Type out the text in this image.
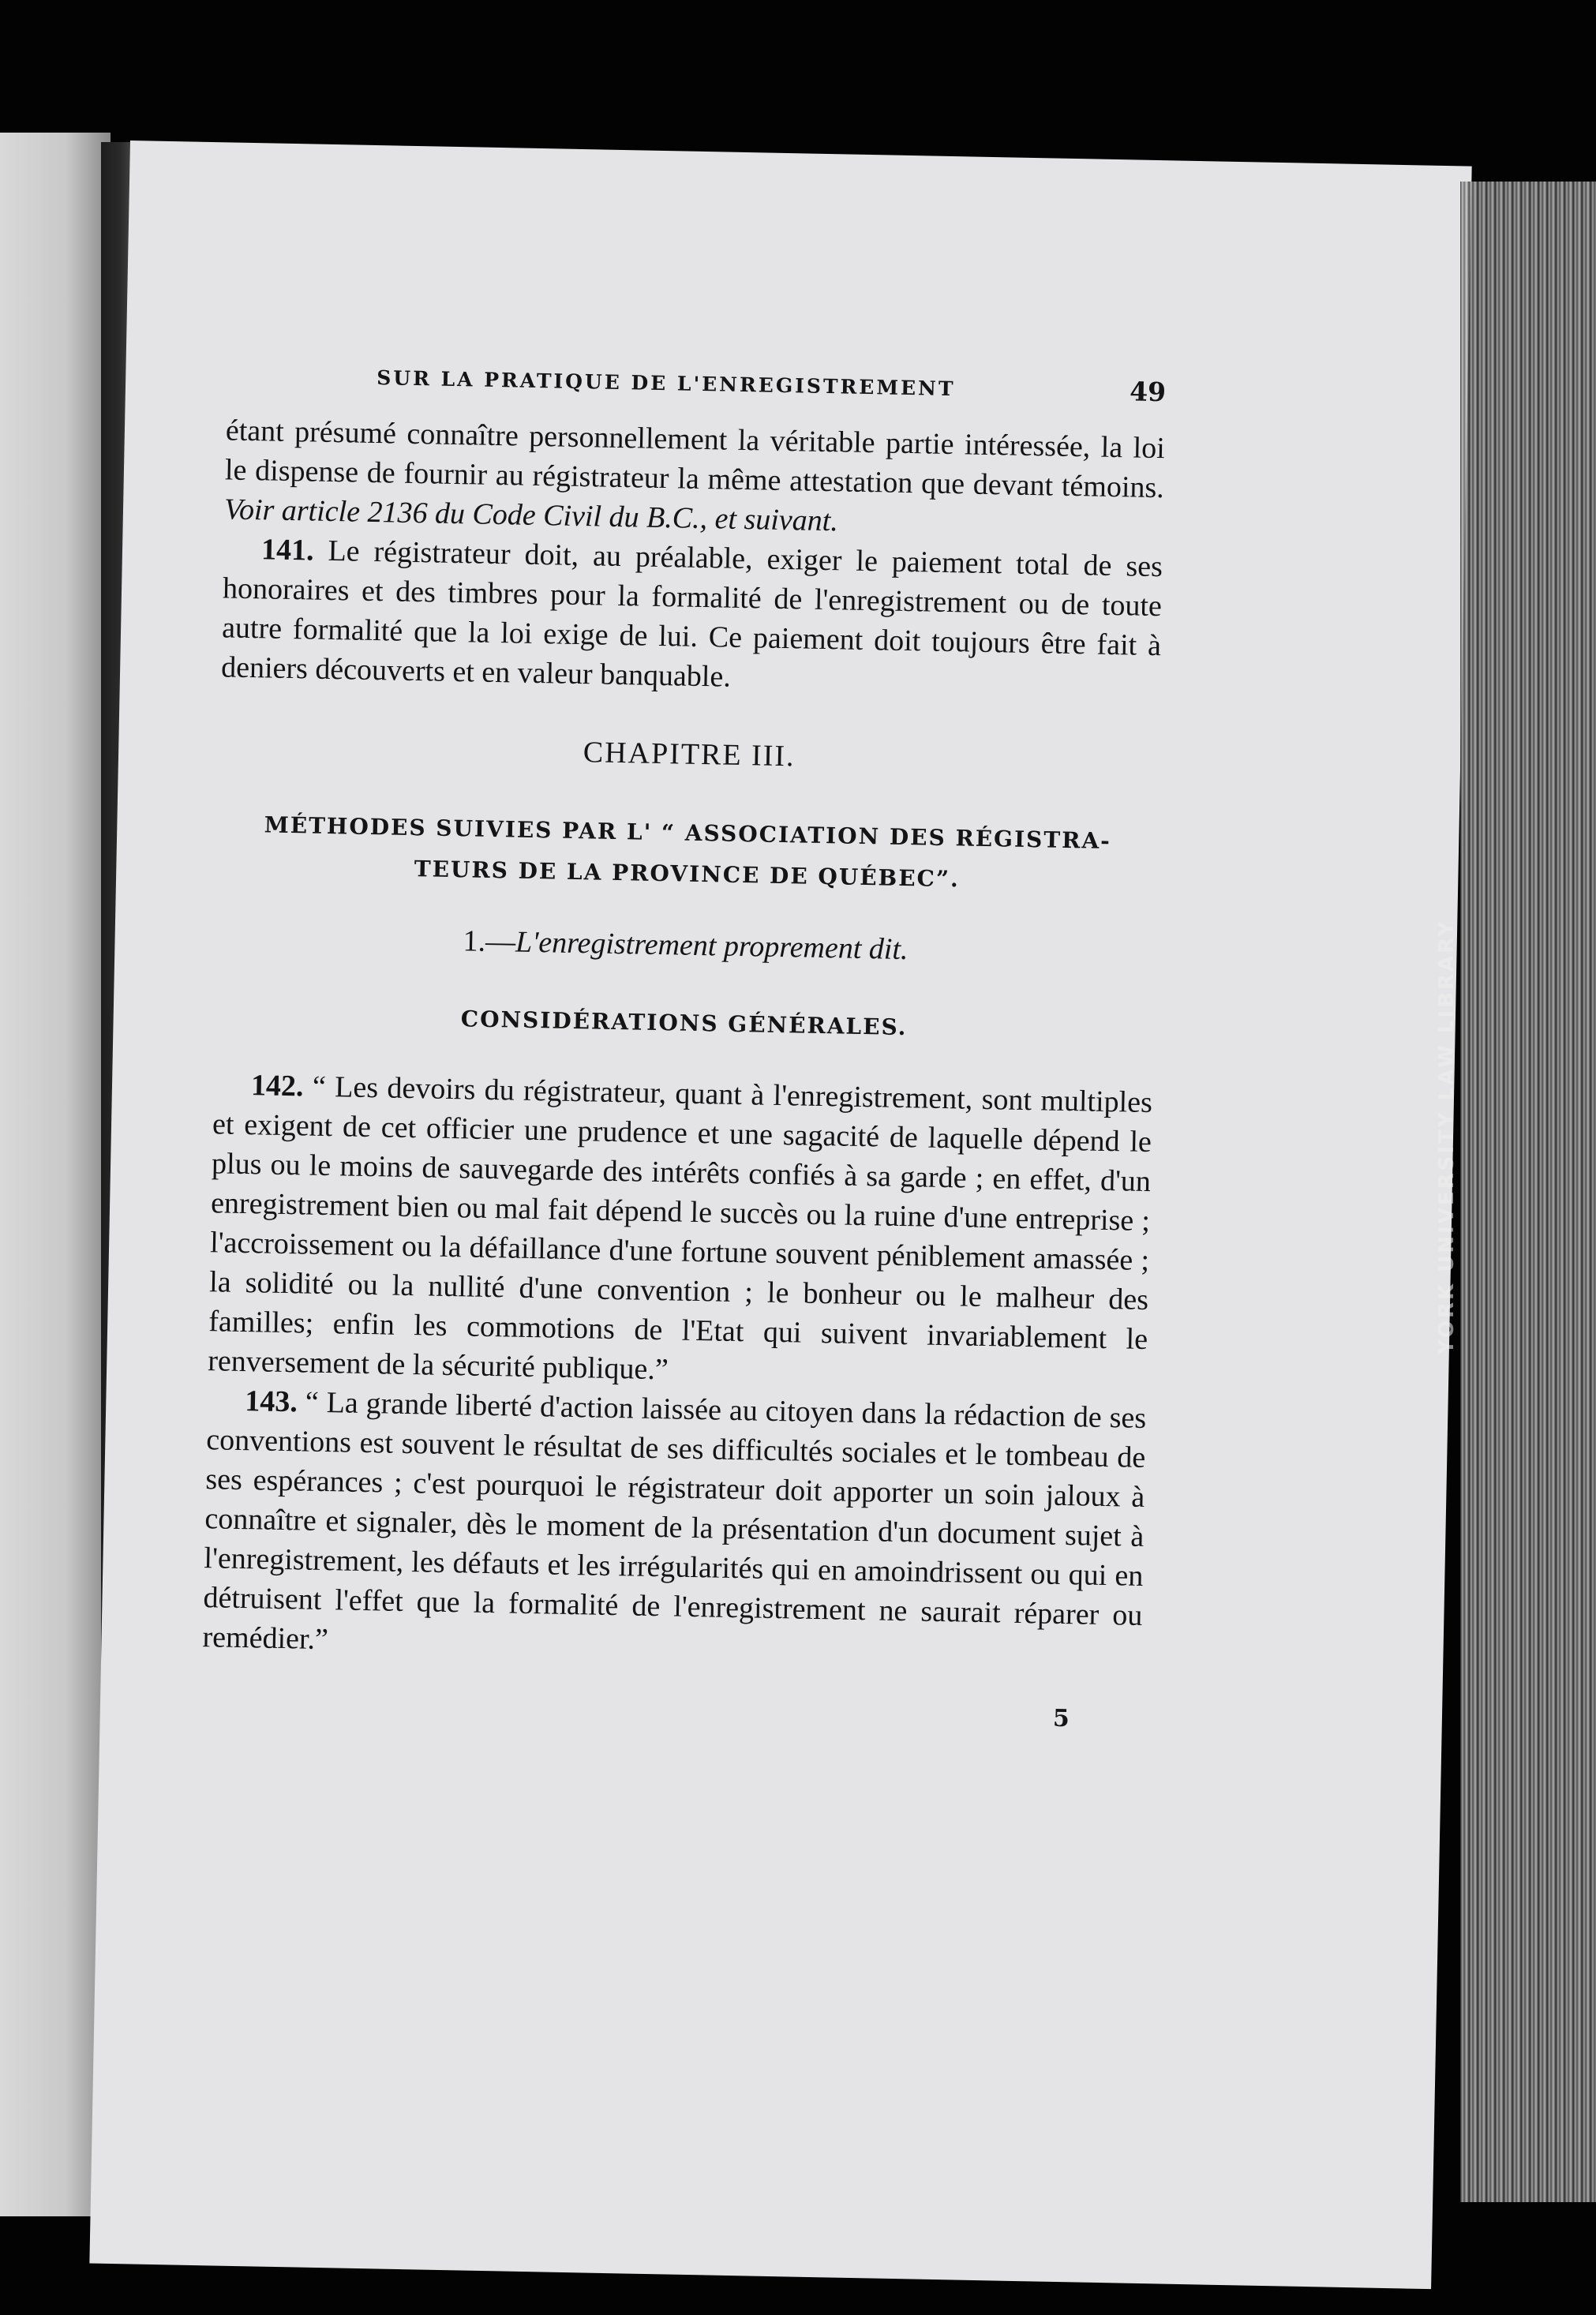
SUR LA PRATIQUE DE L'ENREGISTREMENT	49

étant présumé connaître personnellement la véritable partie intéressée, la loi le dispense de fournir au régistrateur la même attestation que devant témoins. Voir article 2136 du Code Civil du B.C., et suivant.

141. Le régistrateur doit, au préalable, exiger le paiement total de ses honoraires et des timbres pour la formalité de l'enregistrement ou de toute autre formalité que la loi exige de lui. Ce paiement doit toujours être fait à deniers découverts et en valeur banquable.

CHAPITRE III.

MÉTHODES SUIVIES PAR L' “ ASSOCIATION DES RÉGISTRA-
TEURS DE LA PROVINCE DE QUÉBEC”.

1.—L'enregistrement proprement dit.

CONSIDÉRATIONS GÉNÉRALES.

142. “ Les devoirs du régistrateur, quant à l'enregistrement, sont multiples et exigent de cet officier une prudence et une sagacité de laquelle dépend le plus ou le moins de sauvegarde des intérêts confiés à sa garde ; en effet, d'un enregistrement bien ou mal fait dépend le succès ou la ruine d'une entreprise ; l'accroissement ou la défaillance d'une fortune souvent péniblement amassée ; la solidité ou la nullité d'une convention ; le bonheur ou le malheur des familles; enfin les commotions de l'Etat qui suivent invariablement le renversement de la sécurité publique.”

143. “ La grande liberté d'action laissée au citoyen dans la rédaction de ses conventions est souvent le résultat de ses difficultés sociales et le tombeau de ses espérances ; c'est pourquoi le régistrateur doit apporter un soin jaloux à connaître et signaler, dès le moment de la présentation d'un document sujet à l'enregistrement, les défauts et les irrégularités qui en amoindrissent ou qui en détruisent l'effet que la formalité de l'enregistrement ne saurait réparer ou remédier.”

5
YORK UNIVERSITY LAW LIBRARY
